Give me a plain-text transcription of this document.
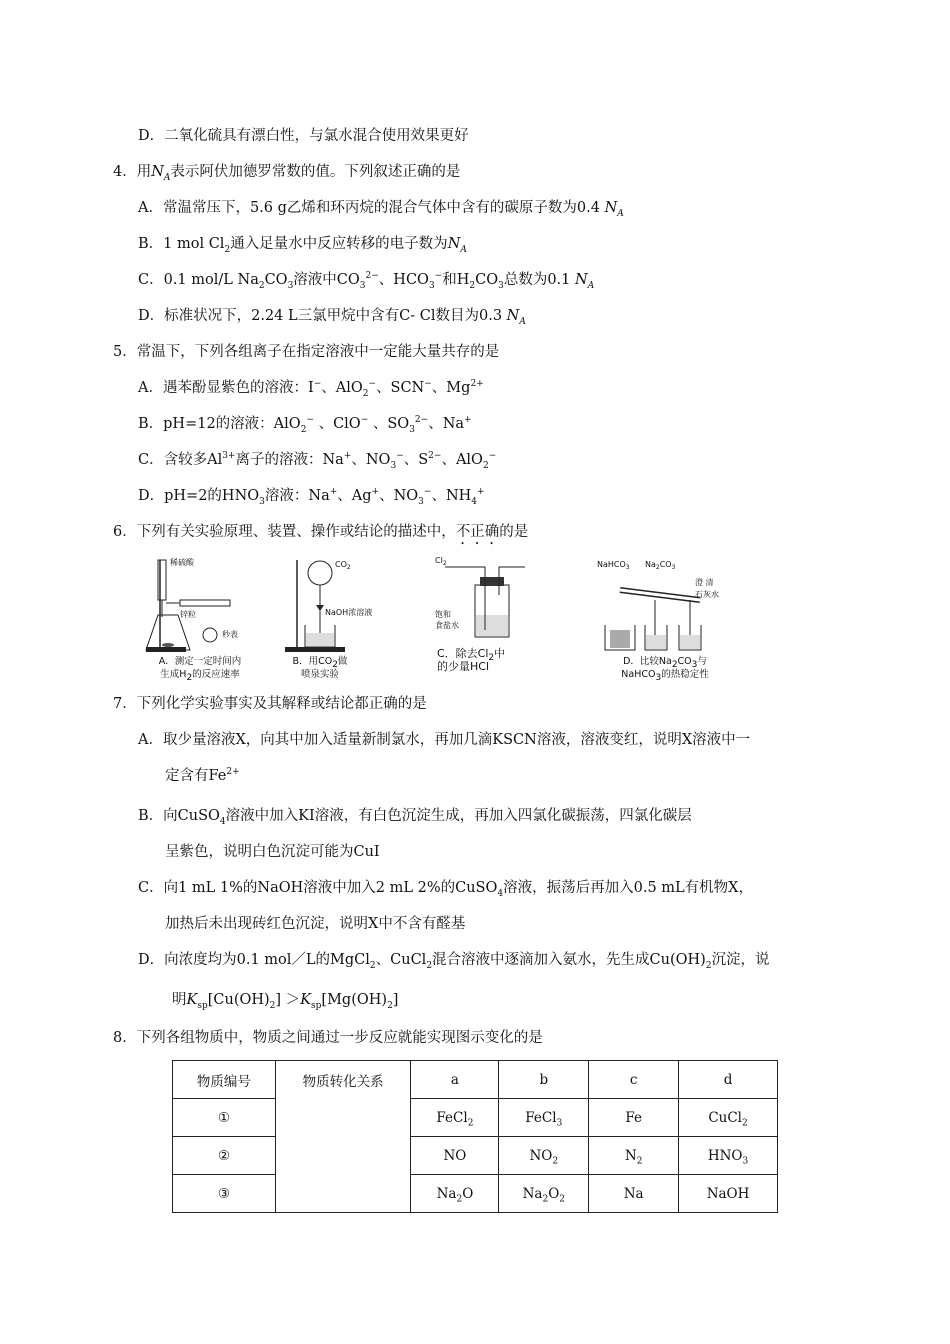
D．二氧化硫具有漂白性，与氯水混合使用效果更好
4．用$N_A$表示阿伏加德罗常数的值。下列叙述正确的是
A．常温常压下，5.6 g乙烯和环丙烷的混合气体中含有的碳原子数为0.4 $N_A$
B．1 mol $Cl_2$通入足量水中反应转移的电子数为$N_A$
C．0.1 mol/L $Na_2CO_3$溶液中$CO_3^{2-}$、$HCO_3^-$和$H_2CO_3$总数为0.1 $N_A$
D．标准状况下，2.24 L三氯甲烷中含有C- Cl数目为0.3 $N_A$
5．常温下，下列各组离子在指定溶液中一定能大量共存的是
A．遇苯酚显紫色的溶液：I−、AlO$_2$−、SCN−、$Mg^{2+}$
B．pH=12的溶液：AlO$_2$− 、ClO− 、$SO_3^{2-}$、Na+
C．含较多$Al^{3+}$离子的溶液：Na+、$NO_3^-$、$S^{2-}$、AlO$_2$−
D．pH=2的$HNO_3$溶液：Na+、Ag+、$NO_3^-$、$NH_4^+$
6．下列有关实验原理、装置、操作或结论的描述中，不正确的是
稀硫酸
锌粒
秒表
A．测定一定时间内
生成$H_2$的反应速率
$CO_2$
NaOH浓溶液
B．用$CO_2$做
喷泉实验
$Cl_2$
饱和
食盐水
C．除去$Cl_2$中
的少量HCl
NaHCO$_3$ $Na_2CO_3$
澄 清
石灰水
D．比较$Na_2CO_3$与
NaHCO$_3$的热稳定性
7．下列化学实验事实及其解释或结论都正确的是
A．取少量溶液X，向其中加入适量新制氯水，再加几滴KSCN溶液，溶液变红，说明X溶液中一
定含有$Fe^{2+}$
B．向CuSO$_4$溶液中加入KI溶液，有白色沉淀生成，再加入四氯化碳振荡，四氯化碳层
呈紫色，说明白色沉淀可能为CuI
C．向1 mL 1%的NaOH溶液中加入2 mL 2%的CuSO$_4$溶液，振荡后再加入0.5 mL有机物X，
加热后未出现砖红色沉淀，说明X中不含有醛基
D．向浓度均为0.1 mol／L的MgCl$_2$、CuCl$_2$混合溶液中逐滴加入氨水，先生成$Cu(OH)_2$沉淀，说
明$K_{sp}[Cu(OH)_2] >K_{sp}[Mg(OH)_2]$
8．下列各组物质中，物质之间通过一步反应就能实现图示变化的是
物质编号	物质转化关系	a	b	c	d
①		FeCl$_2$	FeCl$_3$	Fe	CuCl$_2$
②		NO	$NO_2$	$N_2$	$HNO_3$
③		$Na_2O$	$Na_2O_2$	Na	NaOH
